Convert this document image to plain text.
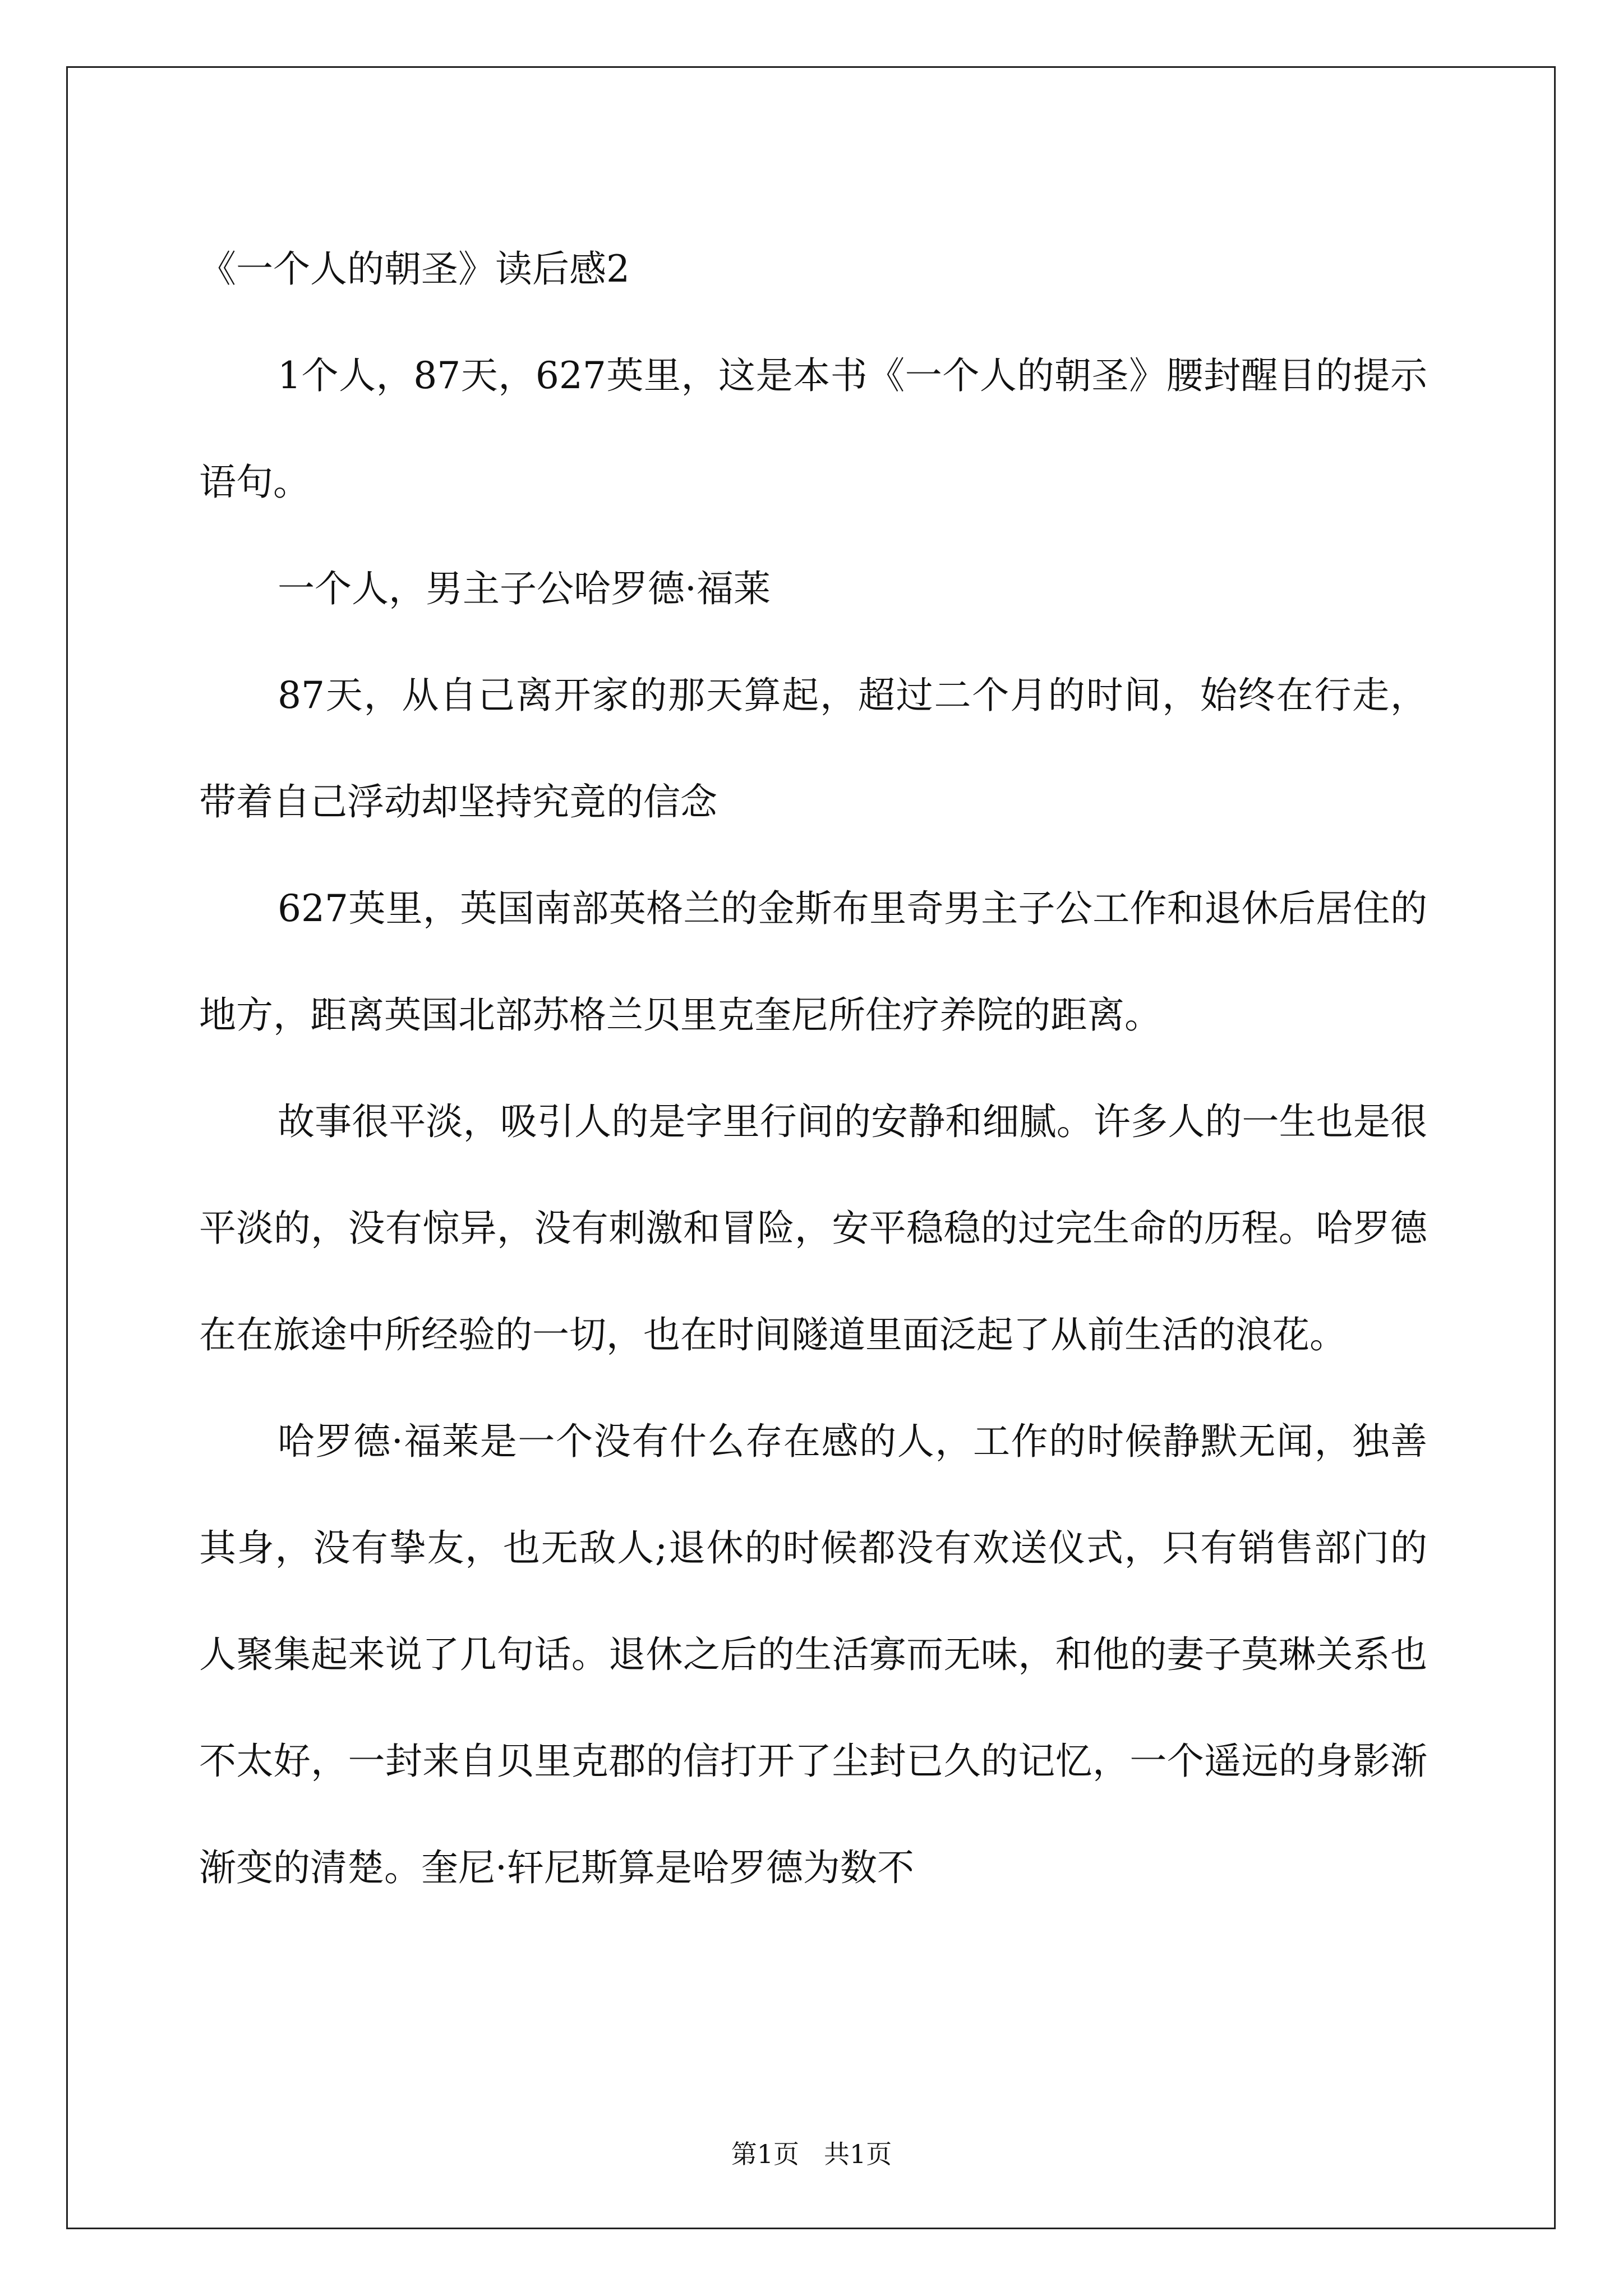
《一个人的朝圣》读后感2

1个人，87天，627英里，这是本书《一个人的朝圣》腰封醒目的提示语句。

一个人，男主子公哈罗德·福莱

87天，从自己离开家的那天算起，超过二个月的时间，始终在行走，带着自己浮动却坚持究竟的信念

627英里，英国南部英格兰的金斯布里奇男主子公工作和退休后居住的地方，距离英国北部苏格兰贝里克奎尼所住疗养院的距离。

故事很平淡，吸引人的是字里行间的安静和细腻。许多人的一生也是很平淡的，没有惊异，没有刺激和冒险，安平稳稳的过完生命的历程。哈罗德在在旅途中所经验的一切，也在时间隧道里面泛起了从前生活的浪花。

哈罗德·福莱是一个没有什么存在感的人，工作的时候静默无闻，独善其身，没有挚友，也无敌人;退休的时候都没有欢送仪式，只有销售部门的人聚集起来说了几句话。退休之后的生活寡而无味，和他的妻子莫琳关系也不太好，一封来自贝里克郡的信打开了尘封已久的记忆，一个遥远的身影渐渐变的清楚。奎尼·轩尼斯算是哈罗德为数不

第1页 共1页
